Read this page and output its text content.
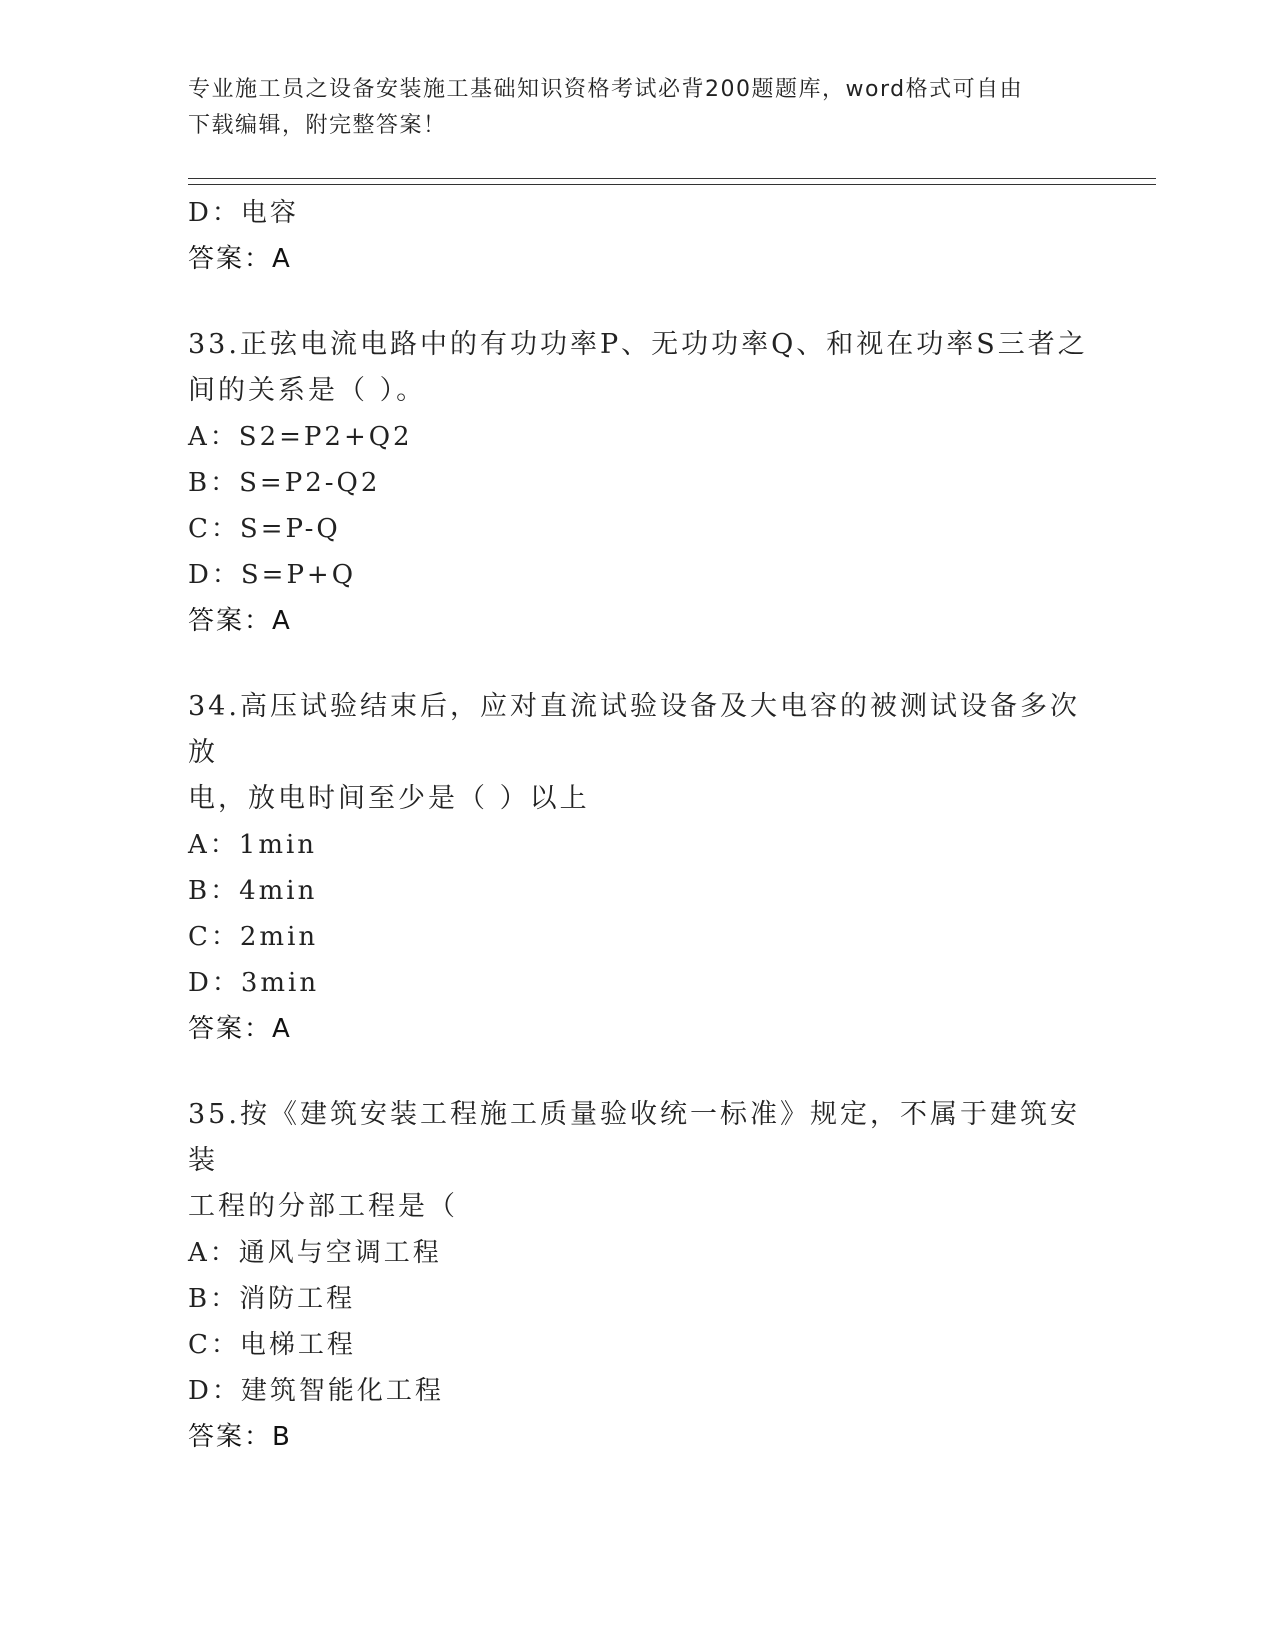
专业施工员之设备安装施工基础知识资格考试必背200题题库，word格式可自由
下载编辑，附完整答案！
D：电容
答案：A
33.正弦电流电路中的有功功率P、无功功率Q、和视在功率S三者之
间的关系是（ ）。
A：S2=P2+Q2
B：S=P2-Q2
C：S=P-Q
D：S=P+Q
答案：A
34.高压试验结束后，应对直流试验设备及大电容的被测试设备多次放
电，放电时间至少是（ ）以上
A：1min
B：4min
C：2min
D：3min
答案：A
35.按《建筑安装工程施工质量验收统一标准》规定，不属于建筑安装
工程的分部工程是（
A：通风与空调工程
B：消防工程
C：电梯工程
D：建筑智能化工程
答案：B
